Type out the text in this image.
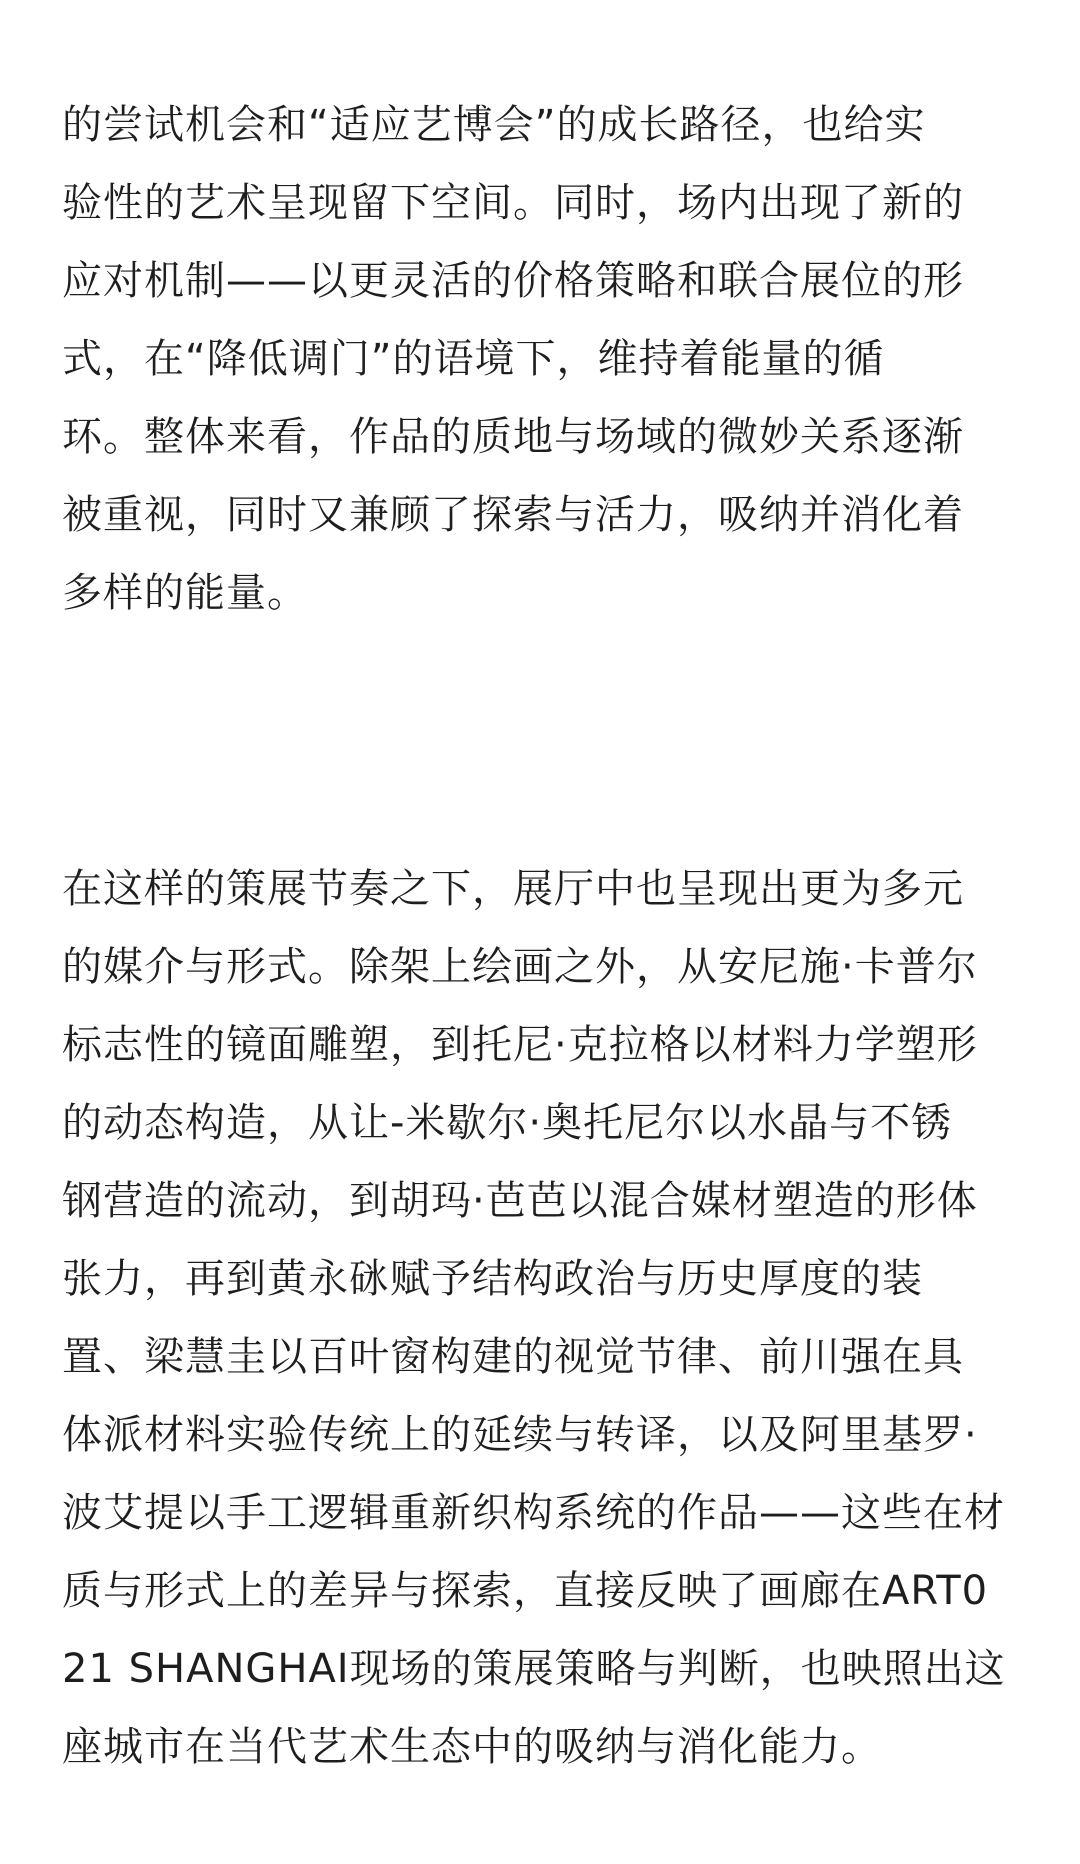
的尝试机会和“适应艺博会”的成长路径，也给实
验性的艺术呈现留下空间。同时，场内出现了新的
应对机制——以更灵活的价格策略和联合展位的形
式，在“降低调门”的语境下，维持着能量的循
环。整体来看，作品的质地与场域的微妙关系逐渐
被重视，同时又兼顾了探索与活力，吸纳并消化着
多样的能量。
在这样的策展节奏之下，展厅中也呈现出更为多元
的媒介与形式。除架上绘画之外，从安尼施·卡普尔
标志性的镜面雕塑，到托尼·克拉格以材料力学塑形
的动态构造，从让-米歇尔·奥托尼尔以水晶与不锈
钢营造的流动，到胡玛·芭芭以混合媒材塑造的形体
张力，再到黄永砯赋予结构政治与历史厚度的装
置、梁慧圭以百叶窗构建的视觉节律、前川强在具
体派材料实验传统上的延续与转译，以及阿里基罗·
波艾提以手工逻辑重新织构系统的作品——这些在材
质与形式上的差异与探索，直接反映了画廊在ART0
21 SHANGHAI现场的策展策略与判断，也映照出这
座城市在当代艺术生态中的吸纳与消化能力。
